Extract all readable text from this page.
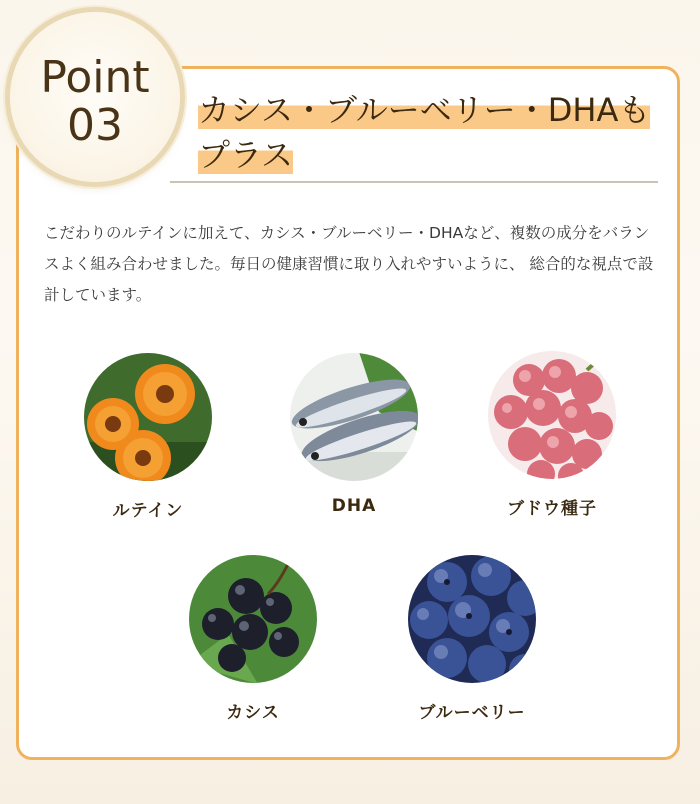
Point
03	カシス・ブルーベリー・DHAもプラス

こだわりのルテインに加えて、カシス・ブルーベリー・DHAなど、複数の成分をバランスよく組み合わせました。毎日の健康習慣に取り入れやすいように、 総合的な視点で設計しています。

ルテイン	DHA	ブドウ種子
カシス	ブルーベリー
